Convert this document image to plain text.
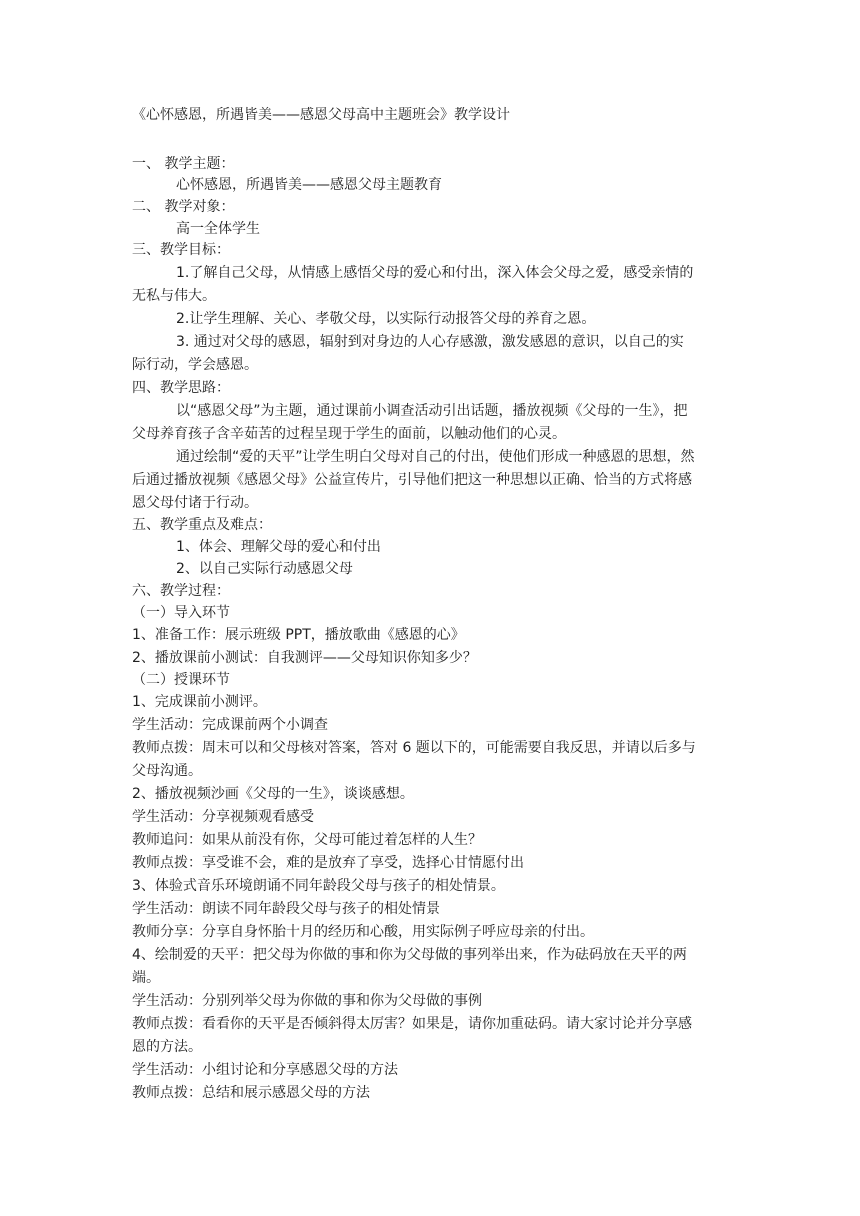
《心怀感恩，所遇皆美——感恩父母高中主题班会》教学设计
一、 教学主题：
心怀感恩，所遇皆美——感恩父母主题教育
二、 教学对象：
高一全体学生
三、教学目标：
1.了解自己父母，从情感上感悟父母的爱心和付出，深入体会父母之爱，感受亲情的
无私与伟大。
2.让学生理解、关心、孝敬父母，以实际行动报答父母的养育之恩。
3. 通过对父母的感恩，辐射到对身边的人心存感激，激发感恩的意识，以自己的实
际行动，学会感恩。
四、教学思路：
以“感恩父母”为主题，通过课前小调查活动引出话题，播放视频《父母的一生》，把
父母养育孩子含辛茹苦的过程呈现于学生的面前，以触动他们的心灵。
通过绘制“爱的天平”让学生明白父母对自己的付出，使他们形成一种感恩的思想，然
后通过播放视频《感恩父母》公益宣传片，引导他们把这一种思想以正确、恰当的方式将感
恩父母付诸于行动。
五、教学重点及难点：
1、体会、理解父母的爱心和付出
2、以自己实际行动感恩父母
六、教学过程：
（一）导入环节
1、准备工作：展示班级 PPT，播放歌曲《感恩的心》
2、播放课前小测试：自我测评——父母知识你知多少？
（二）授课环节
1、完成课前小测评。
学生活动：完成课前两个小调查
教师点拨：周末可以和父母核对答案，答对 6 题以下的，可能需要自我反思，并请以后多与
父母沟通。
2、播放视频沙画《父母的一生》，谈谈感想。
学生活动：分享视频观看感受
教师追问：如果从前没有你，父母可能过着怎样的人生？
教师点拨：享受谁不会，难的是放弃了享受，选择心甘情愿付出
3、体验式音乐环境朗诵不同年龄段父母与孩子的相处情景。
学生活动：朗读不同年龄段父母与孩子的相处情景
教师分享：分享自身怀胎十月的经历和心酸，用实际例子呼应母亲的付出。
4、绘制爱的天平：把父母为你做的事和你为父母做的事列举出来，作为砝码放在天平的两
端。
学生活动：分别列举父母为你做的事和你为父母做的事例
教师点拨：看看你的天平是否倾斜得太厉害？如果是，请你加重砝码。请大家讨论并分享感
恩的方法。
学生活动：小组讨论和分享感恩父母的方法
教师点拨：总结和展示感恩父母的方法
